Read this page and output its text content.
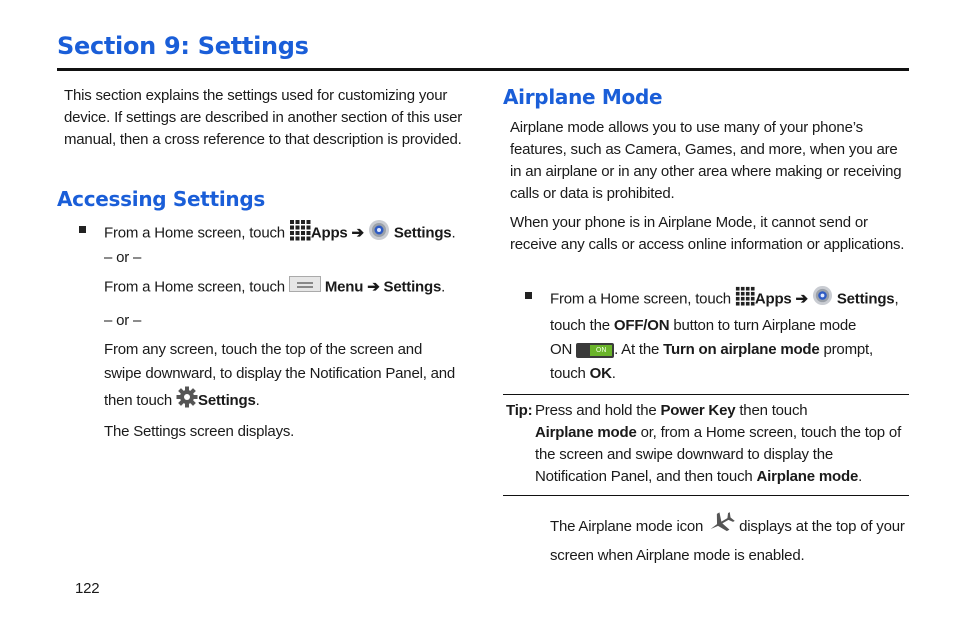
Section 9: Settings
This section explains the settings used for customizing your device. If settings are described in another section of this user manual, then a cross reference to that description is provided.
Accessing Settings
From a Home screen, touch Apps ➔ Settings.
– or –
From a Home screen, touch	Menu ➔ Settings.
– or –
From any screen, touch the top of the screen and
swipe downward, to display the Notification Panel, and
then touch Settings.
The Settings screen displays.
Airplane Mode
Airplane mode allows you to use many of your phone’s features, such as Camera, Games, and more, when you are in an airplane or in any other area where making or receiving calls or data is prohibited.
When your phone is in Airplane Mode, it cannot send or receive any calls or access online information or applications.
From a Home screen, touch Apps ➔ Settings,
touch the OFF/ON button to turn Airplane mode
ON	ON . At the Turn on airplane mode prompt,
touch OK.
Tip: Press and hold the Power Key then touch
Airplane mode or, from a Home screen, touch the top of
the screen and swipe downward to display the
Notification Panel, and then touch Airplane mode.
The Airplane mode icon displays at the top of your
screen when Airplane mode is enabled.
122
